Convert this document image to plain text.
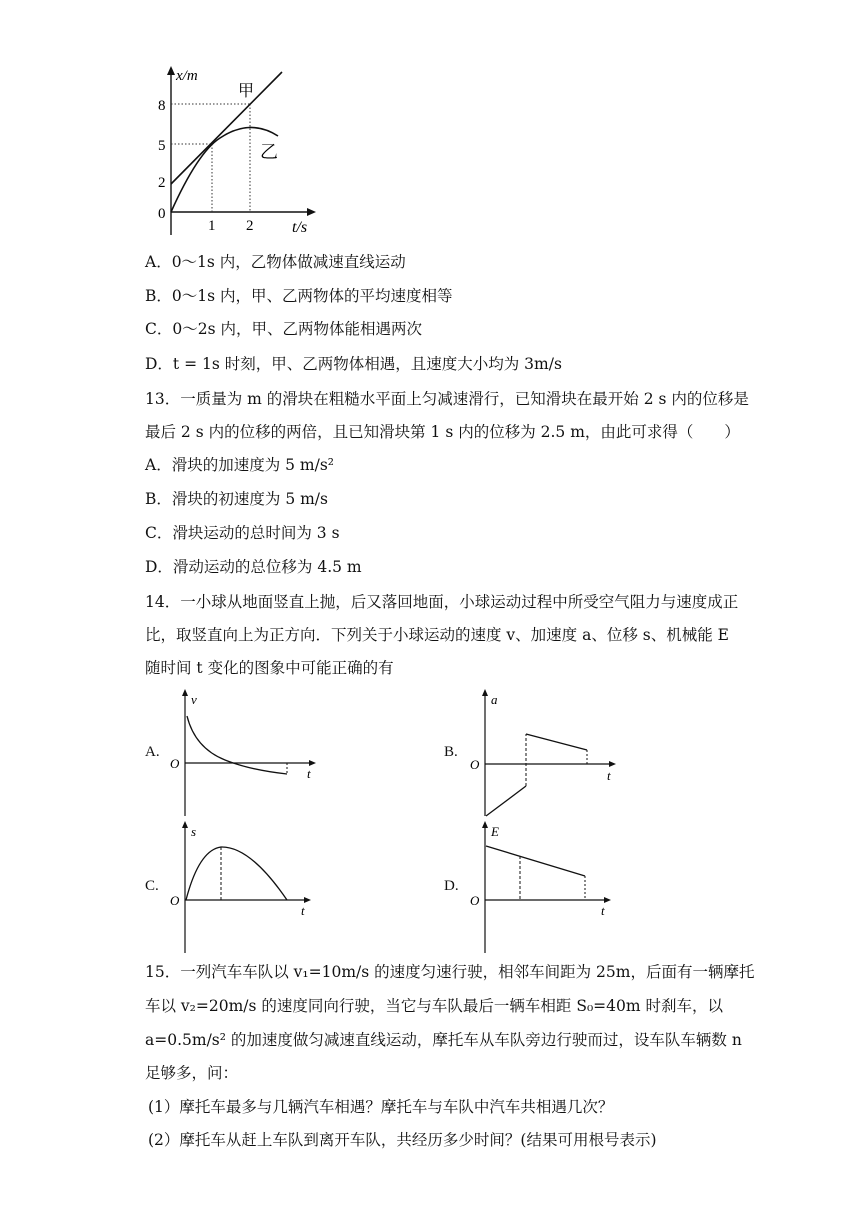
x/m
t/s
8
5
2
0
1 2
甲
乙
A．0～1s 内，乙物体做减速直线运动
B．0～1s 内，甲、乙两物体的平均速度相等
C．0～2s 内，甲、乙两物体能相遇两次
D．t = 1s 时刻，甲、乙两物体相遇，且速度大小均为 3m/s
13．一质量为 m 的滑块在粗糙水平面上匀减速滑行，已知滑块在最开始 2 s 内的位移是
最后 2 s 内的位移的两倍，且已知滑块第 1 s 内的位移为 2.5 m，由此可求得（　　）
A．滑块的加速度为 5 m/s²
B．滑块的初速度为 5 m/s
C．滑块运动的总时间为 3 s
D．滑动运动的总位移为 4.5 m
14．一小球从地面竖直上抛，后又落回地面，小球运动过程中所受空气阻力与速度成正
比，取竖直向上为正方向．下列关于小球运动的速度 v、加速度 a、位移 s、机械能 E
随时间 t 变化的图象中可能正确的有
A.	B.
C.	D.
v
t
O
a
t
O
s
t
O
E
t
O
15．一列汽车车队以 v₁=10m/s 的速度匀速行驶，相邻车间距为 25m，后面有一辆摩托
车以 v₂=20m/s 的速度同向行驶，当它与车队最后一辆车相距 S₀=40m 时刹车，以
a=0.5m/s² 的加速度做匀减速直线运动，摩托车从车队旁边行驶而过，设车队车辆数 n
足够多，问：
(1）摩托车最多与几辆汽车相遇？摩托车与车队中汽车共相遇几次？
(2）摩托车从赶上车队到离开车队，共经历多少时间？(结果可用根号表示)
